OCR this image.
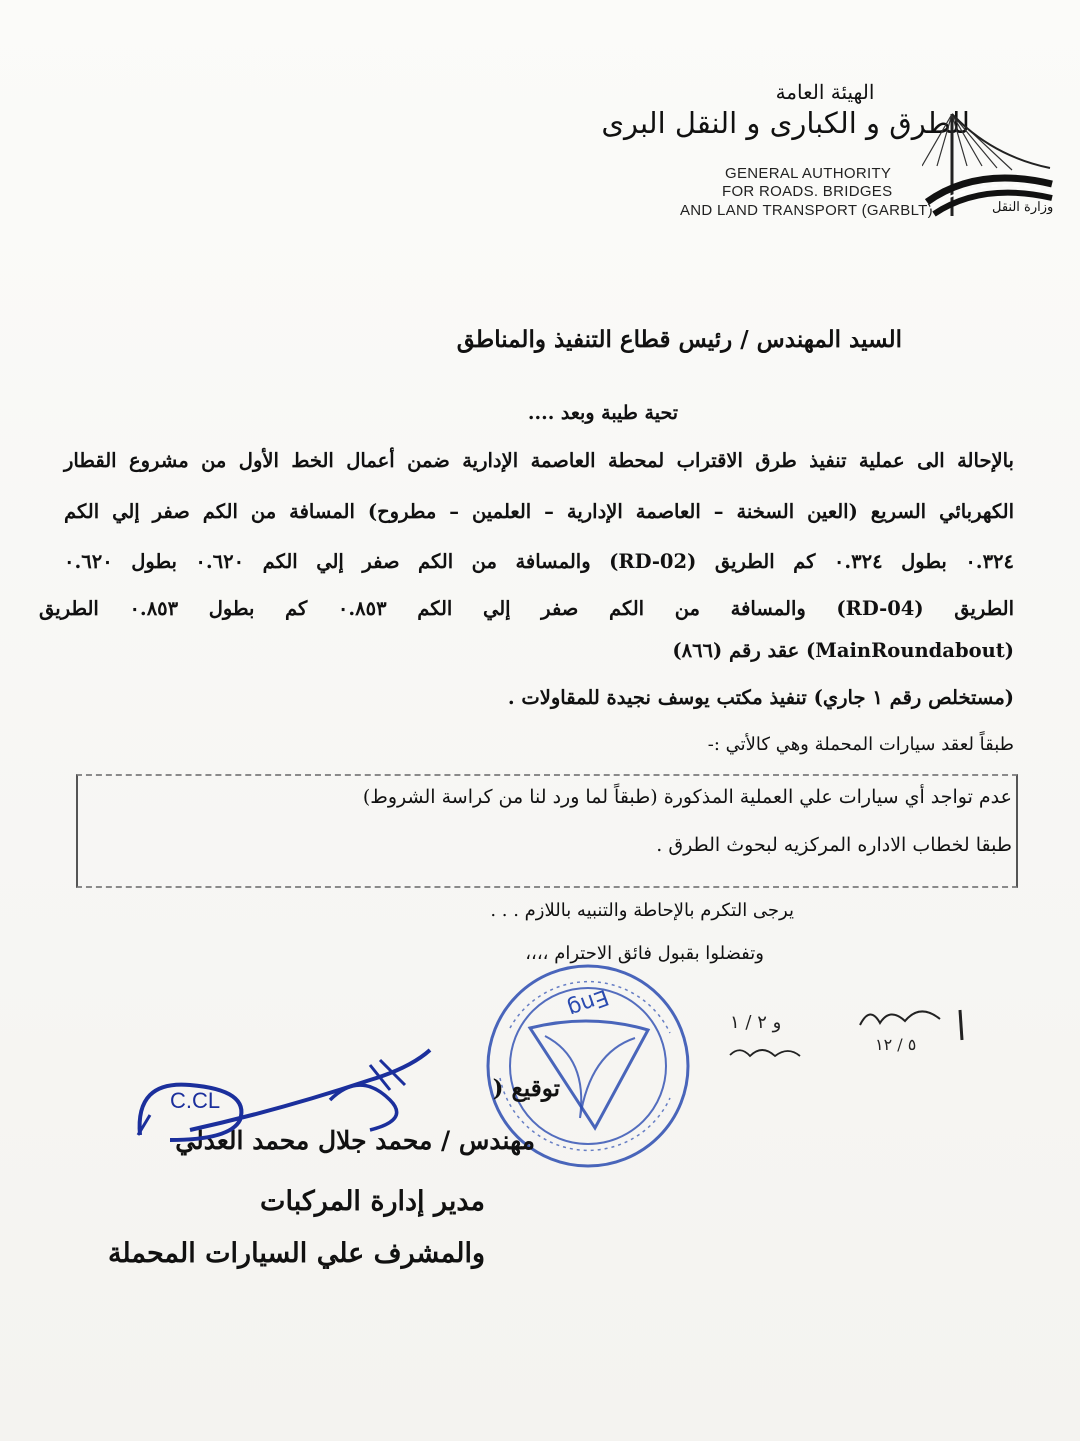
الهيئة العامة
للطرق و الكبارى و النقل البرى
GENERAL AUTHORITY
FOR ROADS. BRIDGES
AND LAND TRANSPORT (GARBLT)	وزارة النقل
السيد المهندس / رئيس قطاع التنفيذ والمناطق
تحية طيبة وبعد ....
بالإحالة الى عملية تنفيذ طرق الاقتراب لمحطة العاصمة الإدارية ضمن أعمال الخط الأول من مشروع القطار
الكهربائي السريع (العين السخنة – العاصمة الإدارية – العلمين – مطروح) المسافة من الكم صفر إلي الكم
٠.٣٢٤ بطول ٠.٣٢٤ كم الطريق (RD-02) والمسافة من الكم صفر إلي الكم ٠.٦٢٠ بطول ٠.٦٢٠
الطريق (RD-04) والمسافة من الكم صفر إلي الكم ٠.٨٥٣ كم بطول ٠.٨٥٣ الطريق
(MainRoundabout) عقد رقم (٨٦٦)
(مستخلص رقم ١ جاري) تنفيذ مكتب يوسف نجيدة للمقاولات .
طبقاً لعقد سيارات المحملة وهي كالأتي :-
عدم تواجد أي سيارات علي العملية المذكورة (طبقاً لما ورد لنا من كراسة الشروط)
طبقا لخطاب الاداره المركزيه لبحوث الطرق .
يرجى التكرم بالإحاطة والتنبيه باللازم . . .
وتفضلوا بقبول فائق الاحترام ،،،،
٥ / ١٢
و ٢ / ١
Eng
توقيع (
مهندس / محمد جلال محمد العدلي
مدير إدارة المركبات
والمشرف علي السيارات المحملة
C.CL
